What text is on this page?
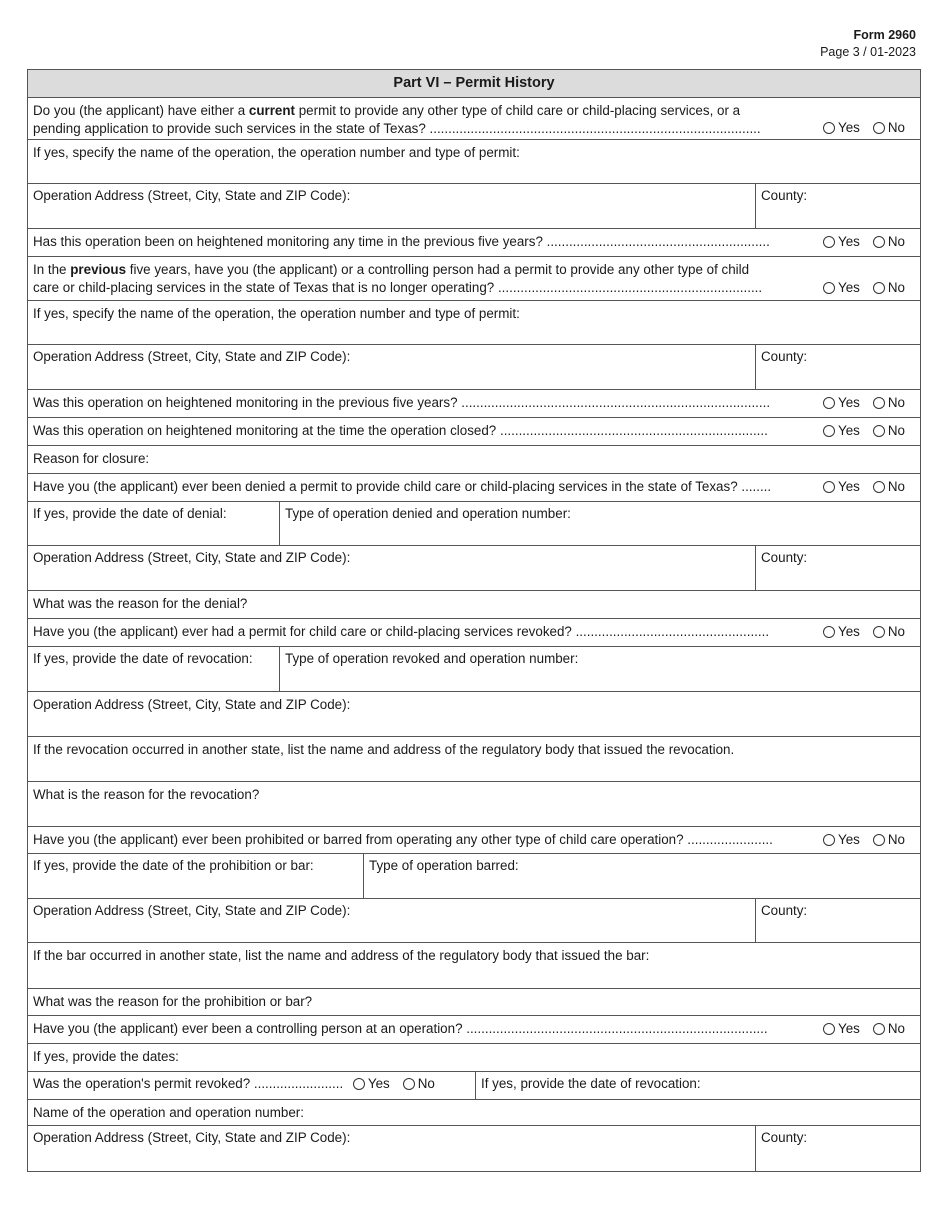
Form 2960
Page 3 / 01-2023
Part VI – Permit History
Do you (the applicant) have either a current permit to provide any other type of child care or child-placing services, or a
pending application to provide such services in the state of Texas? .........................................................................................	Yes No
If yes, specify the name of the operation, the operation number and type of permit:
Operation Address (Street, City, State and ZIP Code):	County:
Has this operation been on heightened monitoring any time in the previous five years? ............................................................	Yes No
In the previous five years, have you (the applicant) or a controlling person had a permit to provide any other type of child
care or child-placing services in the state of Texas that is no longer operating? .......................................................................	Yes No
If yes, specify the name of the operation, the operation number and type of permit:
Operation Address (Street, City, State and ZIP Code):	County:
Was this operation on heightened monitoring in the previous five years? ...................................................................................	Yes No
Was this operation on heightened monitoring at the time the operation closed? ........................................................................	Yes No
Reason for closure:
Have you (the applicant) ever been denied a permit to provide child care or child-placing services in the state of Texas? ........	Yes No
If yes, provide the date of denial:	Type of operation denied and operation number:
Operation Address (Street, City, State and ZIP Code):	County:
What was the reason for the denial?
Have you (the applicant) ever had a permit for child care or child-placing services revoked? ....................................................	Yes No
If yes, provide the date of revocation:	Type of operation revoked and operation number:
Operation Address (Street, City, State and ZIP Code):
If the revocation occurred in another state, list the name and address of the regulatory body that issued the revocation.
What is the reason for the revocation?
Have you (the applicant) ever been prohibited or barred from operating any other type of child care operation? .......................	Yes No
If yes, provide the date of the prohibition or bar:	Type of operation barred:
Operation Address (Street, City, State and ZIP Code):	County:
If the bar occurred in another state, list the name and address of the regulatory body that issued the bar:
What was the reason for the prohibition or bar?
Have you (the applicant) ever been a controlling person at an operation? .................................................................................	Yes No
If yes, provide the dates:
Was the operation's permit revoked? ........................ Yes No	If yes, provide the date of revocation:
Name of the operation and operation number:
Operation Address (Street, City, State and ZIP Code):	County:
